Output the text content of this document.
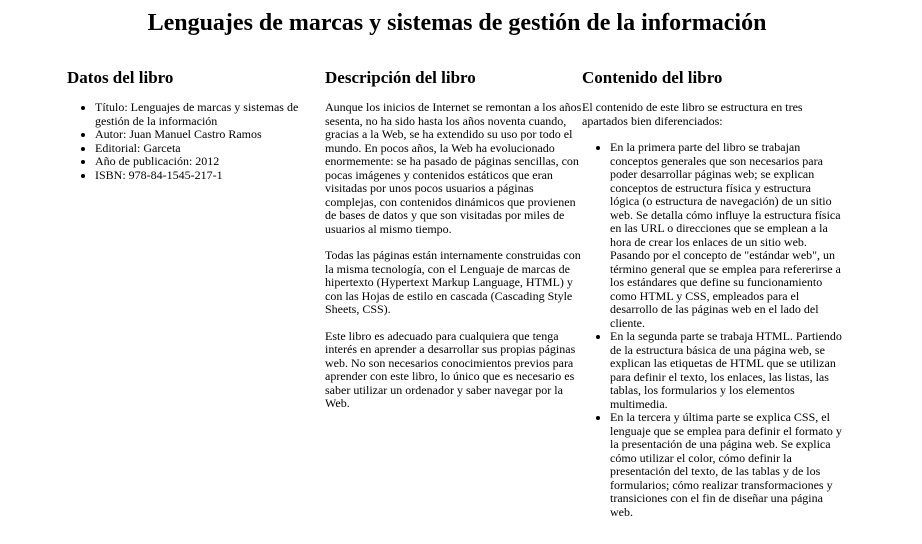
Lenguajes de marcas y sistemas de gestión de la información
Datos del libro
• Título: Lenguajes de marcas y sistemas de gestión de la información
• Autor: Juan Manuel Castro Ramos
• Editorial: Garceta
• Año de publicación: 2012
• ISBN: 978-84-1545-217-1
Descripción del libro

Aunque los inicios de Internet se remontan a los años sesenta, no ha sido hasta los años noventa cuando, gracias a la Web, se ha extendido su uso por todo el mundo. En pocos años, la Web ha evolucionado enormemente: se ha pasado de páginas sencillas, con pocas imágenes y contenidos estáticos que eran visitadas por unos pocos usuarios a páginas complejas, con contenidos dinámicos que provienen de bases de datos y que son visitadas por miles de usuarios al mismo tiempo.

Todas las páginas están internamente construidas con la misma tecnología, con el Lenguaje de marcas de hipertexto (Hypertext Markup Language, HTML) y con las Hojas de estilo en cascada (Cascading Style Sheets, CSS).

Este libro es adecuado para cualquiera que tenga interés en aprender a desarrollar sus propias páginas web. No son necesarios conocimientos previos para aprender con este libro, lo único que es necesario es saber utilizar un ordenador y saber navegar por la Web.

Contenido del libro

El contenido de este libro se estructura en tres apartados bien diferenciados:

• En la primera parte del libro se trabajan conceptos generales que son necesarios para poder desarrollar páginas web; se explican conceptos de estructura física y estructura lógica (o estructura de navegación) de un sitio web. Se detalla cómo influye la estructura física en las URL o direcciones que se emplean a la hora de crear los enlaces de un sitio web. Pasando por el concepto de "estándar web", un término general que se emplea para refererirse a los estándares que define su funcionamiento como HTML y CSS, empleados para el desarrollo de las páginas web en el lado del cliente.
• En la segunda parte se trabaja HTML. Partiendo de la estructura básica de una página web, se explican las etiquetas de HTML que se utilizan para definir el texto, los enlaces, las listas, las tablas, los formularios y los elementos multimedia.
• En la tercera y última parte se explica CSS, el lenguaje que se emplea para definir el formato y la presentación de una página web. Se explica cómo utilizar el color, cómo definir la presentación del texto, de las tablas y de los formularios; cómo realizar transformaciones y transiciones con el fin de diseñar una página web.
